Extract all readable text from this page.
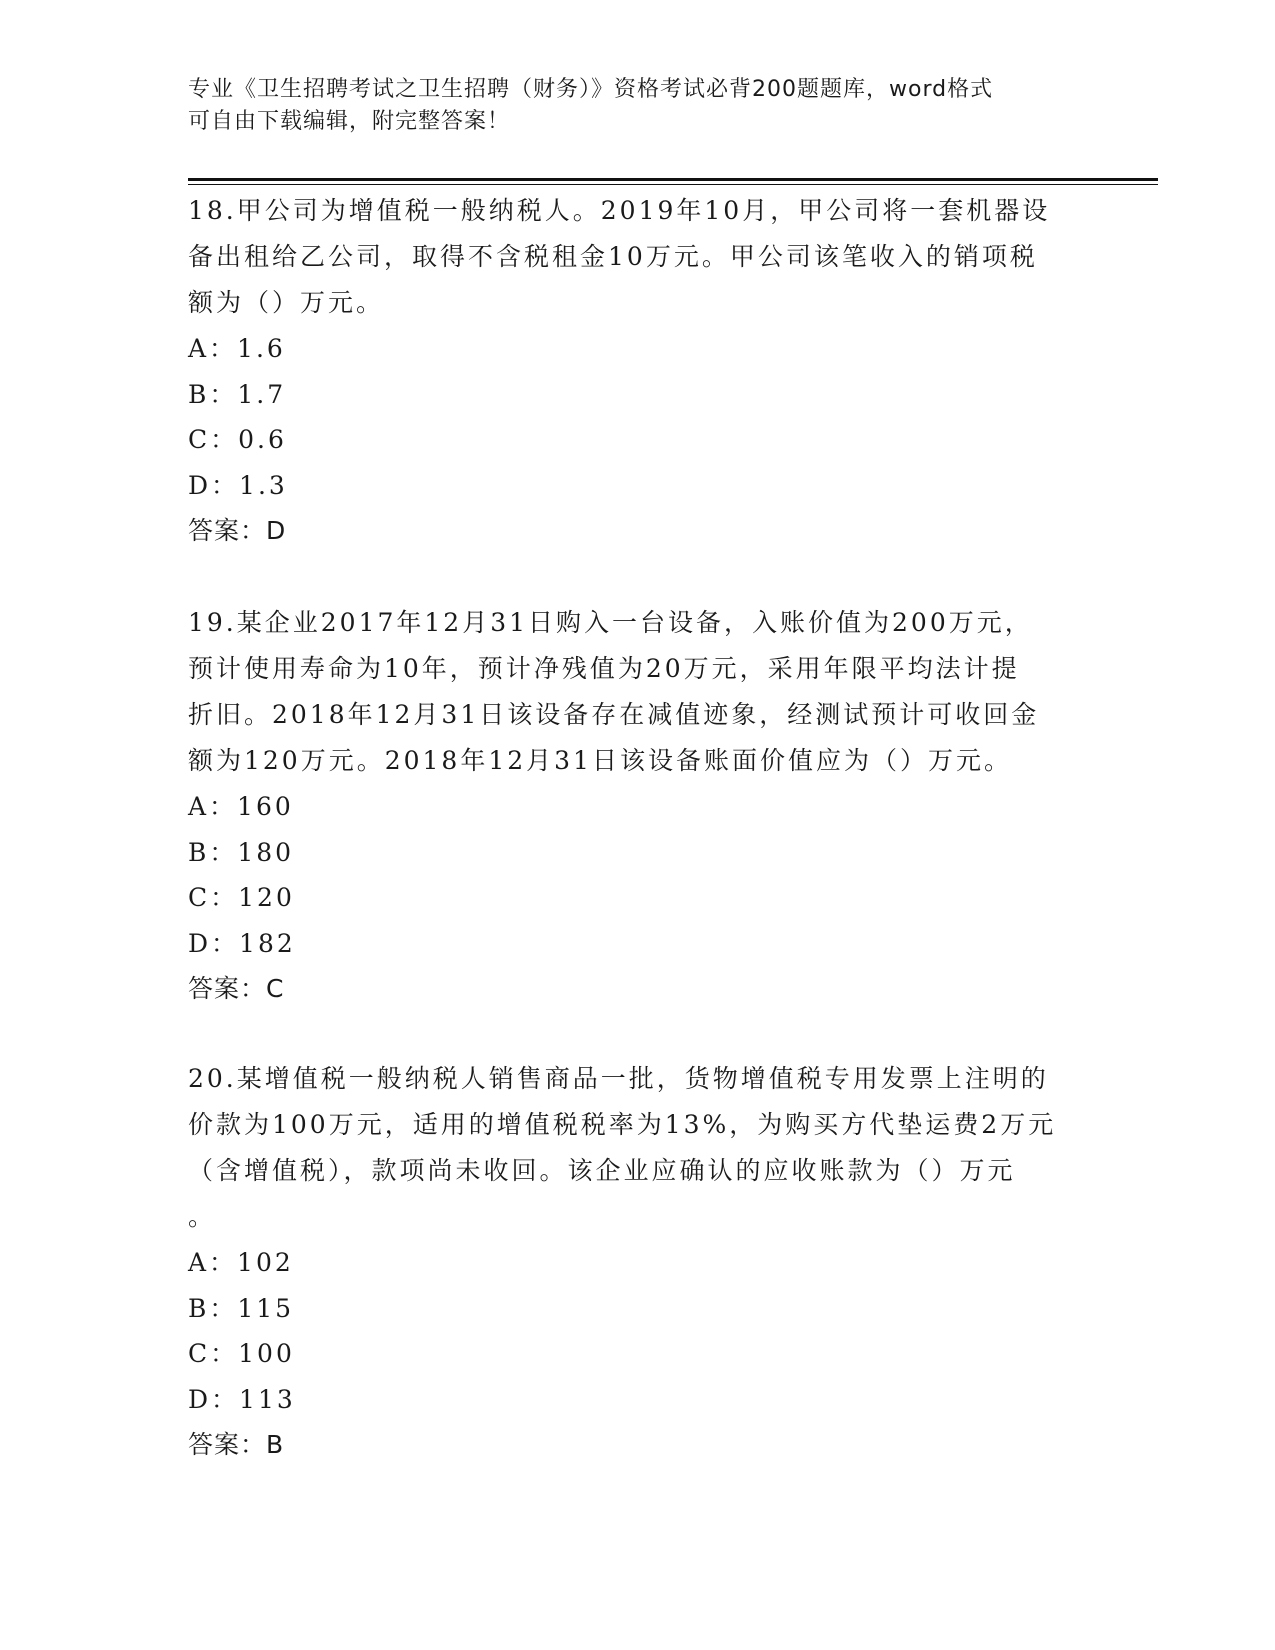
专业《卫生招聘考试之卫生招聘（财务）》资格考试必背200题题库，word格式
可自由下载编辑，附完整答案！
18.甲公司为增值税一般纳税人。2019年10月，甲公司将一套机器设
备出租给乙公司，取得不含税租金10万元。甲公司该笔收入的销项税
额为（）万元。
A：1.6
B：1.7
C：0.6
D：1.3
答案：D
19.某企业2017年12月31日购入一台设备，入账价值为200万元，
预计使用寿命为10年，预计净残值为20万元，采用年限平均法计提
折旧。2018年12月31日该设备存在减值迹象，经测试预计可收回金
额为120万元。2018年12月31日该设备账面价值应为（）万元。
A：160
B：180
C：120
D：182
答案：C
20.某增值税一般纳税人销售商品一批，货物增值税专用发票上注明的
价款为100万元，适用的增值税税率为13%，为购买方代垫运费2万元
（含增值税），款项尚未收回。该企业应确认的应收账款为（）万元
。
A：102
B：115
C：100
D：113
答案：B
